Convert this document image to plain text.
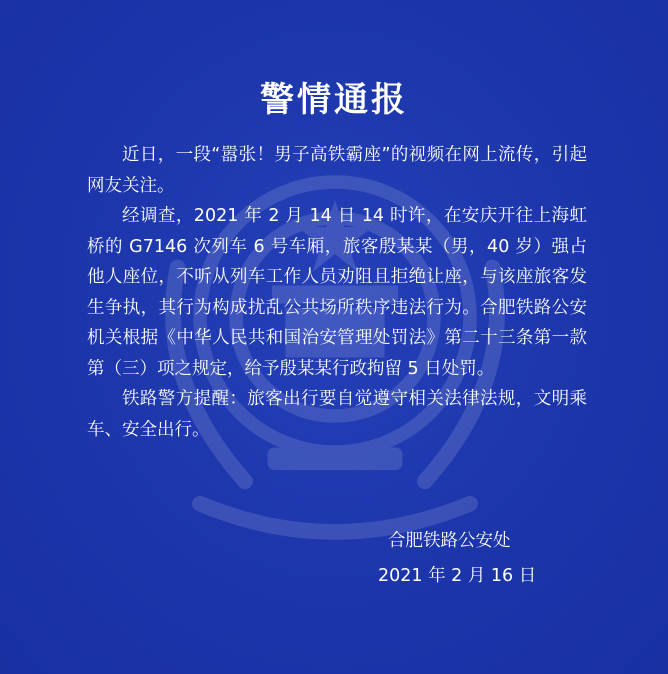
警情通报

近日，一段“嚣张！男子高铁霸座”的视频在网上流传，引起网友关注。

经调查，2021 年 2 月 14 日 14 时许，在安庆开往上海虹桥的 G7146 次列车 6 号车厢，旅客殷某某（男，40 岁）强占他人座位，不听从列车工作人员劝阻且拒绝让座，与该座旅客发生争执，其行为构成扰乱公共场所秩序违法行为。合肥铁路公安机关根据《中华人民共和国治安管理处罚法》第二十三条第一款第（三）项之规定，给予殷某某行政拘留 5 日处罚。

铁路警方提醒：旅客出行要自觉遵守相关法律法规，文明乘车、安全出行。

合肥铁路公安处
2021 年 2 月 16 日
